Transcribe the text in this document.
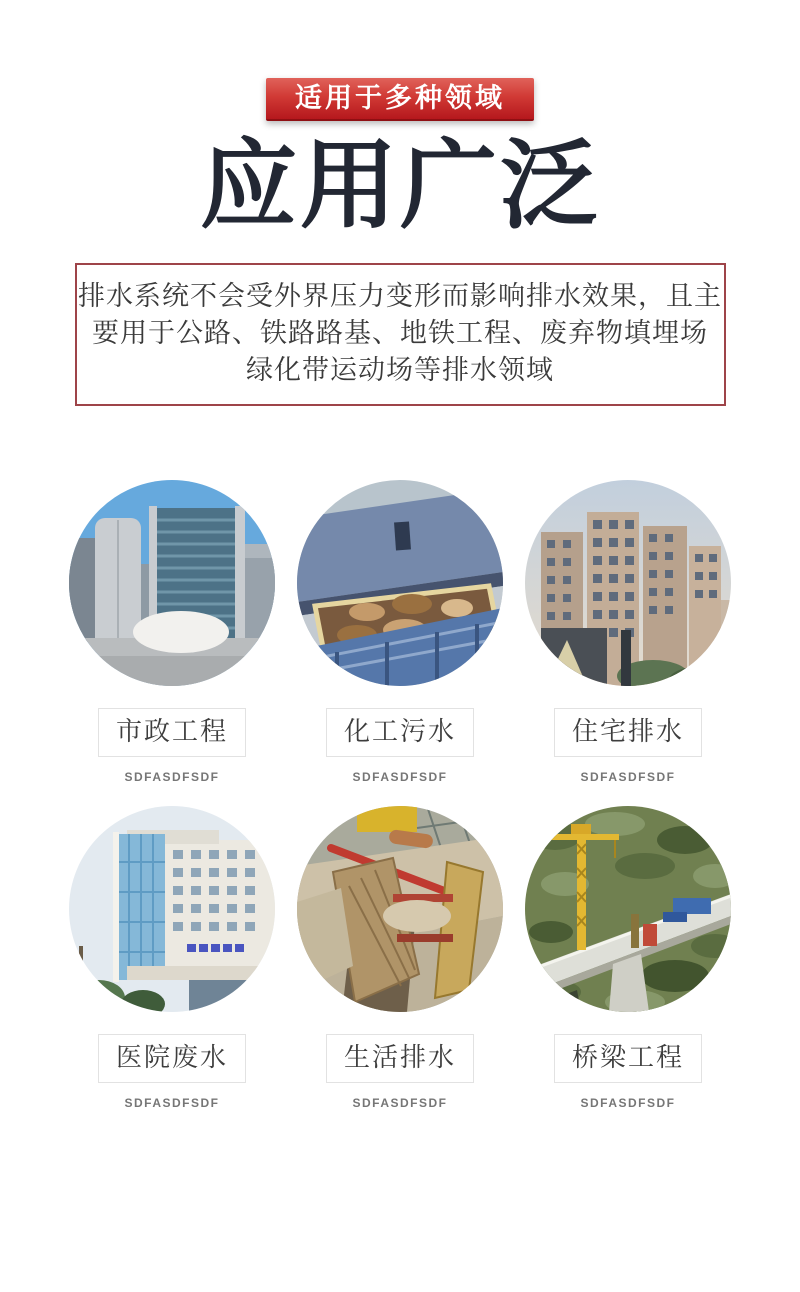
适用于多种领域
应用广泛
排水系统不会受外界压力变形而影响排水效果，且主
要用于公路、铁路路基、地铁工程、废弃物填埋场
绿化带运动场等排水领域
市政工程
SDFASDFSDF
化工污水
SDFASDFSDF
住宅排水
SDFASDFSDF
医院废水
SDFASDFSDF
生活排水
SDFASDFSDF
桥梁工程
SDFASDFSDF
